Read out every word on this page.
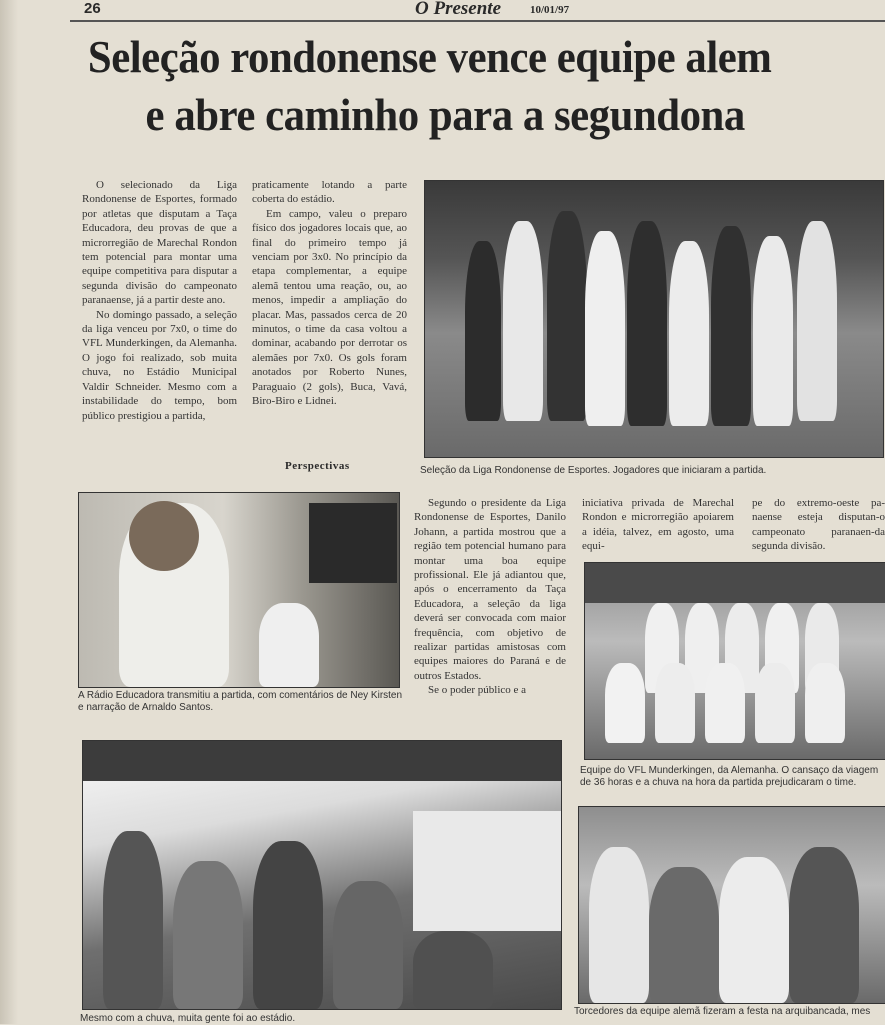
26	O Presente	10/01/97
Seleção rondonense vence equipe alem
e abre caminho para a segundona

O selecionado da Liga Rondonense de Esportes, formado por atletas que disputam a Taça Educadora, deu provas de que a microrregião de Marechal Rondon tem potencial para montar uma equipe competitiva para disputar a segunda divisão do campeonato paranaense, já a partir deste ano.

No domingo passado, a seleção da liga venceu por 7x0, o time do VFL Munderkingen, da Alemanha. O jogo foi realizado, sob muita chuva, no Estádio Municipal Valdir Schneider. Mesmo com a instabilidade do tempo, bom público prestigiou a partida,

praticamente lotando a parte coberta do estádio.

Em campo, valeu o preparo físico dos jogadores locais que, ao final do primeiro tempo já venciam por 3x0. No princípio da etapa complementar, a equipe alemã tentou uma reação, ou, ao menos, impedir a ampliação do placar. Mas, passados cerca de 20 minutos, o time da casa voltou a dominar, acabando por derrotar os alemães por 7x0. Os gols foram anotados por Roberto Nunes, Paraguaio (2 gols), Buca, Vavá, Biro-Biro e Lidnei.

Perspectivas	Seleção da Liga Rondonense de Esportes. Jogadores que iniciaram a partida.
A Rádio Educadora transmitiu a partida, com comentários de Ney Kirsten e narração de Arnaldo Santos.

Segundo o presidente da Liga Rondonense de Esportes, Danilo Johann, a partida mostrou que a região tem potencial humano para montar uma boa equipe profissional. Ele já adiantou que, após o encerramento da Taça Educadora, a seleção da liga deverá ser convocada com maior frequência, com objetivo de realizar partidas amistosas com equipes maiores do Paraná e de outros Estados.

Se o poder público e a

iniciativa privada de Marechal Rondon e microrregião apoiarem a idéia, talvez, em agosto, uma equi-

pe do extremo-oeste pa-naense esteja disputan-o campeonato paranaen-da segunda divisão.

Equipe do VFL Munderkingen, da Alemanha. O cansaço da viagem de 36 horas e a chuva na hora da partida prejudicaram o time.
Mesmo com a chuva, muita gente foi ao estádio.
Torcedores da equipe alemã fizeram a festa na arquibancada, mes
